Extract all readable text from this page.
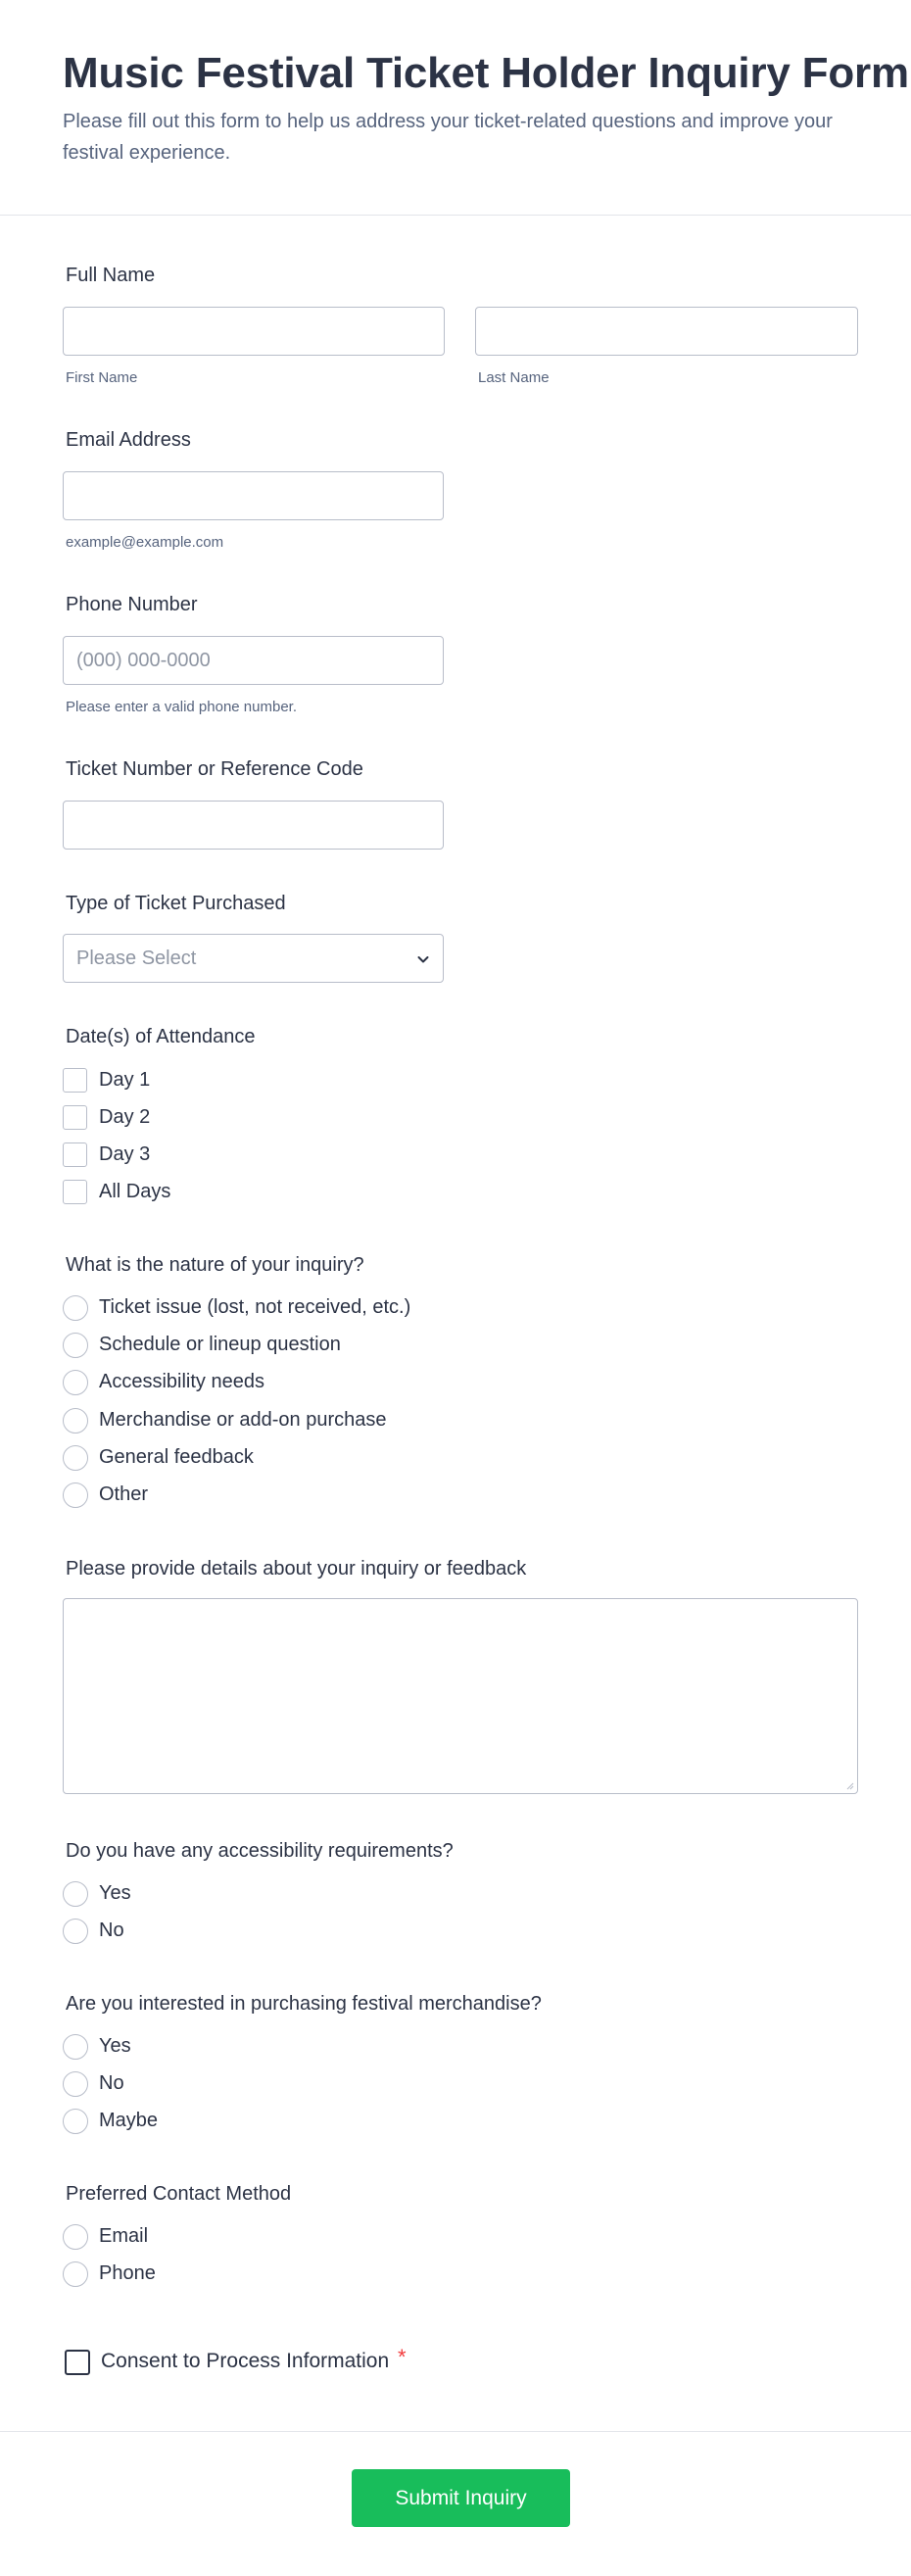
Music Festival Ticket Holder Inquiry Form

Please fill out this form to help us address your ticket-related questions and improve your festival experience.

Full Name
First Name	Last Name
Email Address
example@example.com
Phone Number
(000) 000-0000
Please enter a valid phone number.
Ticket Number or Reference Code
Type of Ticket Purchased
Please Select
Date(s) of Attendance
Day 1
Day 2
Day 3
All Days
What is the nature of your inquiry?
Ticket issue (lost, not received, etc.)
Schedule or lineup question
Accessibility needs
Merchandise or add-on purchase
General feedback
Other
Please provide details about your inquiry or feedback
Do you have any accessibility requirements?
Yes
No
Are you interested in purchasing festival merchandise?
Yes
No
Maybe
Preferred Contact Method
Email
Phone
Consent to Process Information *
Submit Inquiry
